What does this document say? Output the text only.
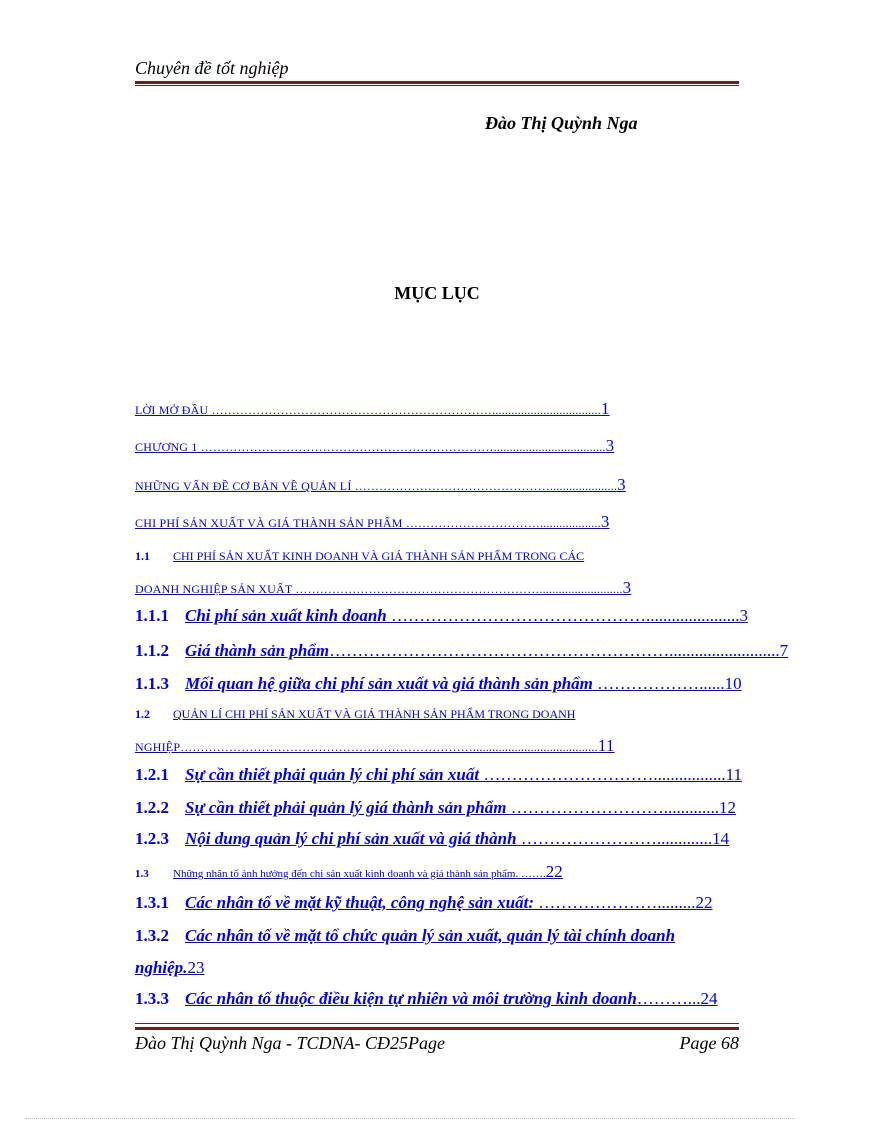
Chuyên đề tốt nghiệp
Đào Thị Quỳnh Nga
MỤC LỤC
LỜI MỞ ĐẦU ……………………………………………………………..................................1
CHƯƠNG 1 ………………………………………………………………...................................3
NHỮNG VẤN ĐỀ CƠ BẢN VỀ QUẢN LÍ ………………………………………….....................3
CHI PHÍ SẢN XUẤT VÀ GIÁ THÀNH SẢN PHẨM ……………………………...................3
1.1 CHI PHÍ SẢN XUẤT KINH DOANH VÀ GIÁ THÀNH SẢN PHẨM TRONG CÁC
DOANH NGHIỆP SẢN XUẤT ……………………………………………………..........................3
1.1.1 Chi phí sản xuất kinh doanh ………………………………………......................3
1.1.2 Giá thành sản phẩm……………………………………………………..........................7
1.1.3 Mối quan hệ giữa chi phí sản xuất và giá thành sản phẩm ………………......10
1.2 QUẢN LÍ CHI PHÍ SẢN XUẤT VÀ GIÁ THÀNH SẢN PHẨM TRONG DOANH
NGHIỆP……………………………………………………………….......................................11
1.2.1 Sự cần thiết phải quản lý chi phí sản xuất ………………………….................11
1.2.2 Sự cần thiết phải quản lý giá thành sản phẩm ……………………….............12
1.2.3 Nội dung quản lý chi phí sản xuất và giá thành …………………….............14
1.3 Những nhân tố ảnh hưởng đến chi sản xuất kinh doanh và giá thành sản phẩm. …….22
1.3.1 Các nhân tố về mặt kỹ thuật, công nghệ sản xuất: ………………….........22
1.3.2 Các nhân tố về mặt tổ chức quản lý sản xuất, quản lý tài chính doanh
nghiệp.23
1.3.3 Các nhân tố thuộc điều kiện tự nhiên và môi trường kinh doanh………...24
Đào Thị Quỳnh Nga - TCDNA- CĐ25Page	Page 68
